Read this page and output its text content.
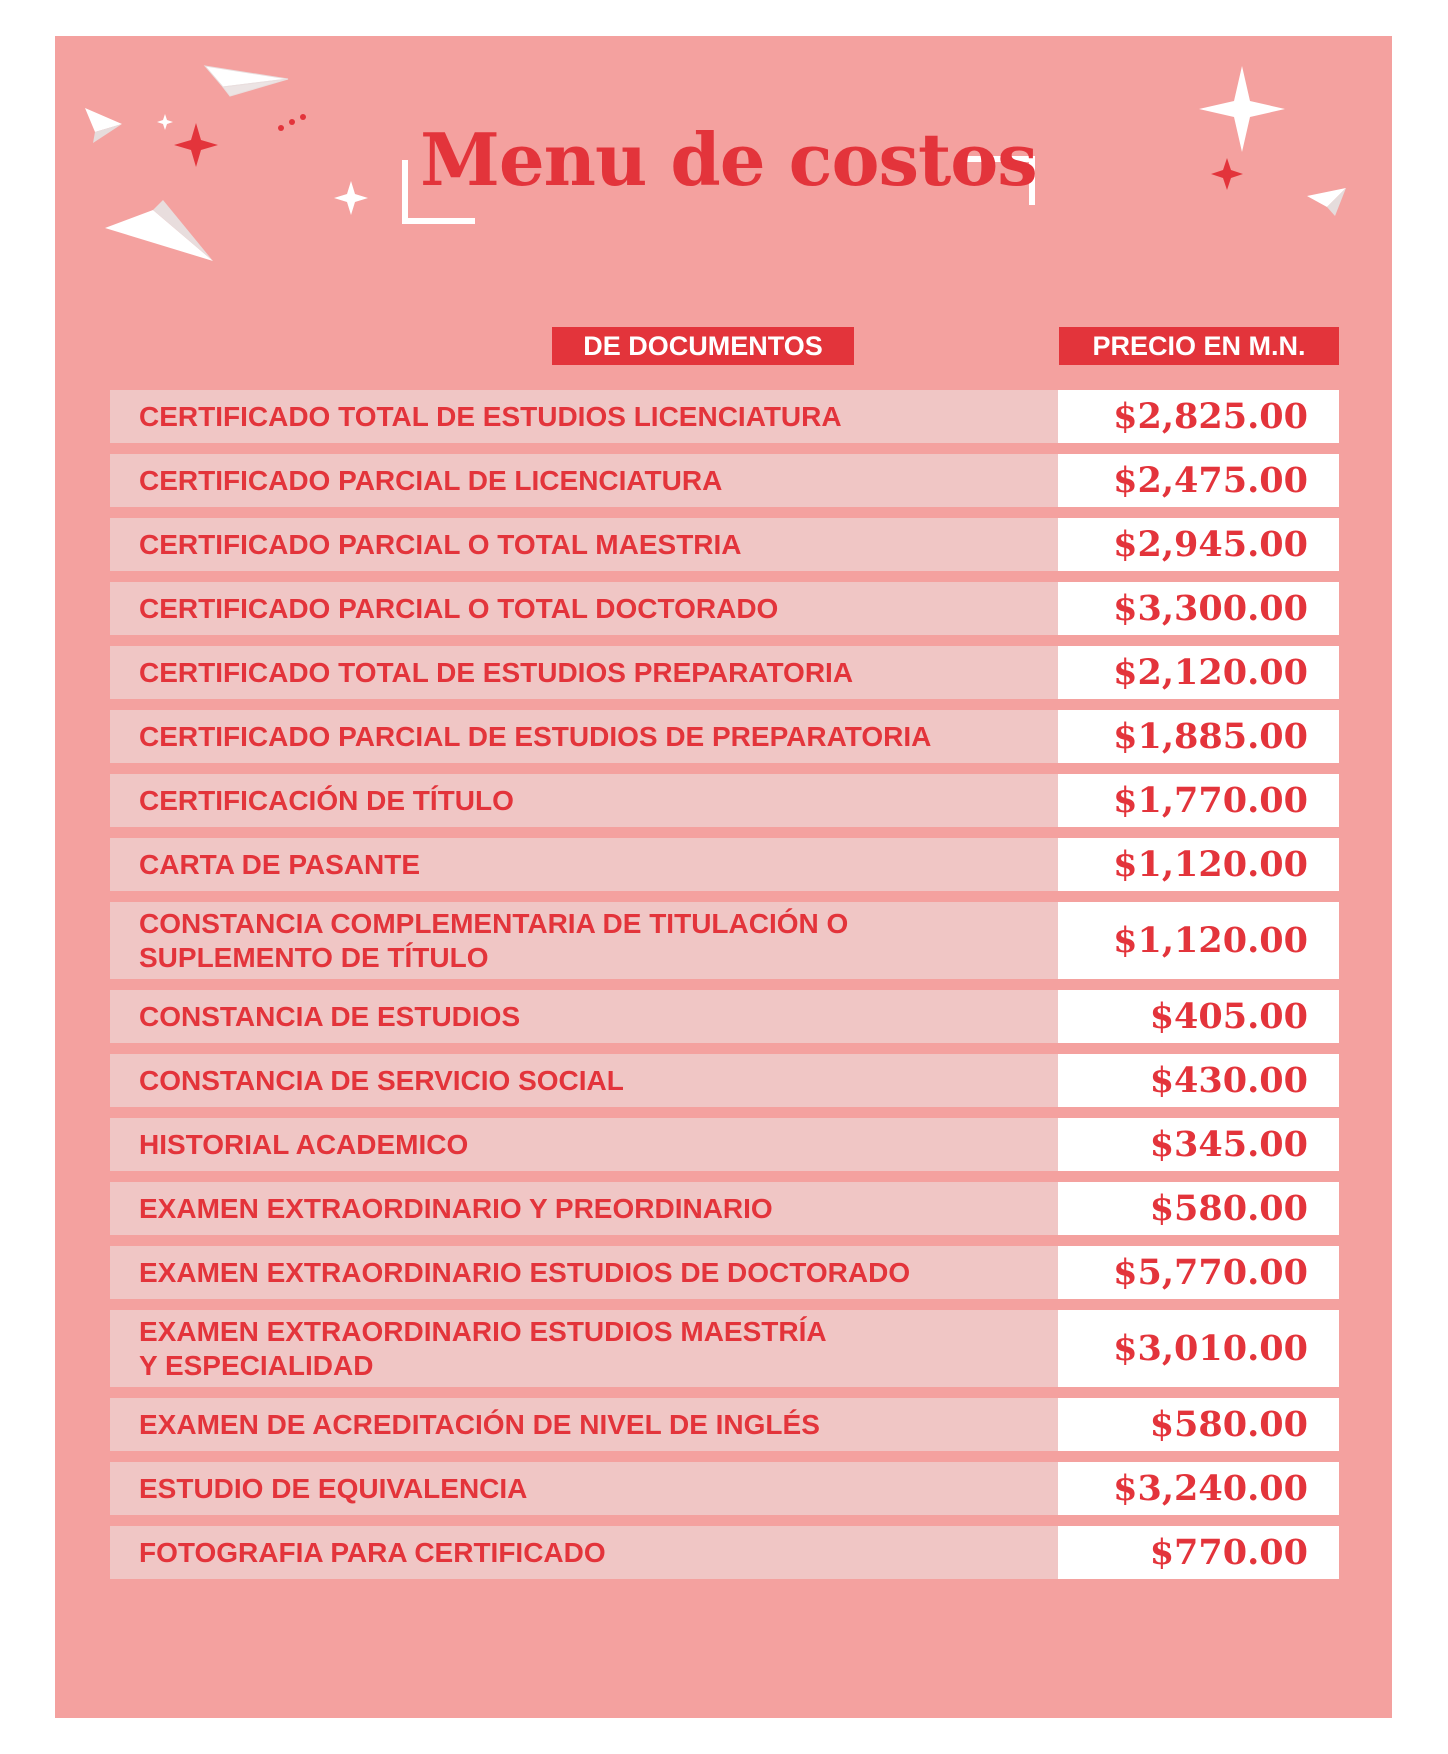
Menu de costos
DE DOCUMENTOS	PRECIO EN M.N.
CERTIFICADO TOTAL DE ESTUDIOS LICENCIATURA	$2,825.00
CERTIFICADO PARCIAL DE LICENCIATURA	$2,475.00
CERTIFICADO PARCIAL O TOTAL MAESTRIA	$2,945.00
CERTIFICADO PARCIAL O TOTAL DOCTORADO	$3,300.00
CERTIFICADO TOTAL DE ESTUDIOS PREPARATORIA	$2,120.00
CERTIFICADO PARCIAL DE ESTUDIOS DE PREPARATORIA	$1,885.00
CERTIFICACIÓN DE TÍTULO	$1,770.00
CARTA DE PASANTE	$1,120.00
CONSTANCIA COMPLEMENTARIA DE TITULACIÓN O
SUPLEMENTO DE TÍTULO	$1,120.00
CONSTANCIA DE ESTUDIOS	$405.00
CONSTANCIA DE SERVICIO SOCIAL	$430.00
HISTORIAL ACADEMICO	$345.00
EXAMEN EXTRAORDINARIO Y PREORDINARIO	$580.00
EXAMEN EXTRAORDINARIO ESTUDIOS DE DOCTORADO	$5,770.00
EXAMEN EXTRAORDINARIO ESTUDIOS MAESTRÍA
Y ESPECIALIDAD	$3,010.00
EXAMEN DE ACREDITACIÓN DE NIVEL DE INGLÉS	$580.00
ESTUDIO DE EQUIVALENCIA	$3,240.00
FOTOGRAFIA PARA CERTIFICADO	$770.00
